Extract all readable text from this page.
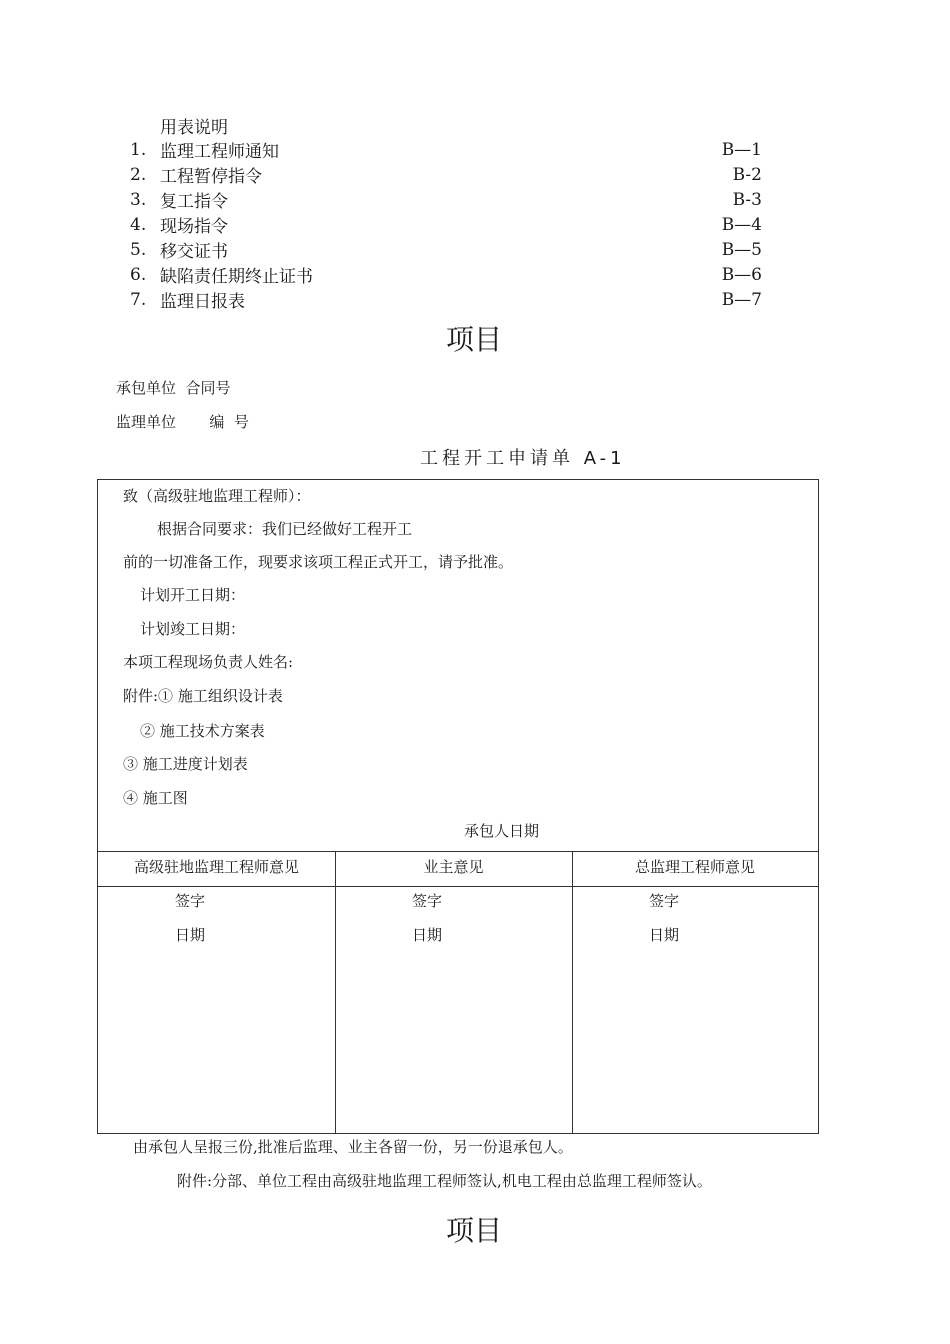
用表说明
1. 监理工程师通知	B—1
2. 工程暂停指令	B-2
3. 复工指令	B-3
4. 现场指令	B—4
5. 移交证书	B—5
6. 缺陷责任期终止证书	B—6
7. 监理日报表	B—7
项目
承包单位  合同号
监理单位       编  号
工程开工申请单 A-1
致（高级驻地监理工程师）：
根据合同要求：我们已经做好工程开工
前的一切准备工作，现要求该项工程正式开工，请予批准。
计划开工日期：
计划竣工日期：
本项工程现场负责人姓名:
附件:① 施工组织设计表
② 施工技术方案表
③ 施工进度计划表
④ 施工图
承包人日期
高级驻地监理工程师意见	业主意见	总监理工程师意见
签字
日期
签字
日期
签字
日期
由承包人呈报三份,批准后监理、业主各留一份，另一份退承包人。
附件:分部、单位工程由高级驻地监理工程师签认,机电工程由总监理工程师签认。
项目
